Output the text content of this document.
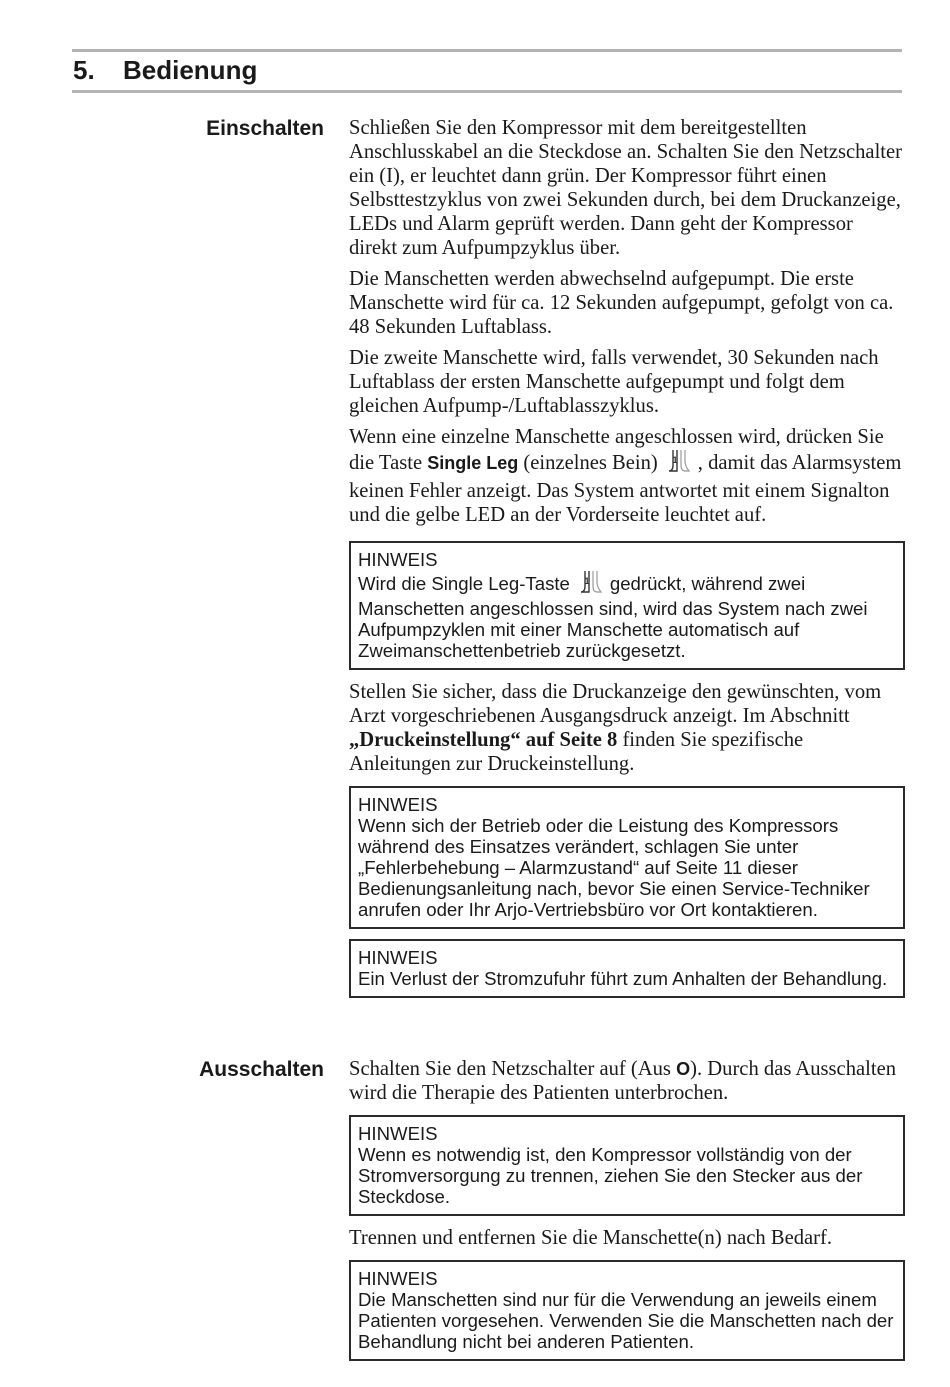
5. Bedienung
Einschalten Schließen Sie den Kompressor mit dem bereitgestellten Anschlusskabel an die Steckdose an. Schalten Sie den Netzschalter ein (I), er leuchtet dann grün. Der Kompressor führt einen Selbsttestzyklus von zwei Sekunden durch, bei dem Druckanzeige, LEDs und Alarm geprüft werden. Dann geht der Kompressor direkt zum Aufpumpzyklus über.

Die Manschetten werden abwechselnd aufgepumpt. Die erste Manschette wird für ca. 12 Sekunden aufgepumpt, gefolgt von ca. 48 Sekunden Luftablass.

Die zweite Manschette wird, falls verwendet, 30 Sekunden nach Luftablass der ersten Manschette aufgepumpt und folgt dem gleichen Aufpump-/Luftablasszyklus.

Wenn eine einzelne Manschette angeschlossen wird, drücken Sie die Taste Single Leg (einzelnes Bein) 1 , damit das Alarmsystem keinen Fehler anzeigt. Das System antwortet mit einem Signalton und die gelbe LED an der Vorderseite leuchtet auf.

HINWEIS
Wird die Single Leg-Taste 1 gedrückt, während zwei Manschetten angeschlossen sind, wird das System nach zwei Aufpumpzyklen mit einer Manschette automatisch auf Zweimanschettenbetrieb zurückgesetzt.

Stellen Sie sicher, dass die Druckanzeige den gewünschten, vom Arzt vorgeschriebenen Ausgangsdruck anzeigt. Im Abschnitt „Druckeinstellung“ auf Seite 8 finden Sie spezifische Anleitungen zur Druckeinstellung.

HINWEIS
Wenn sich der Betrieb oder die Leistung des Kompressors während des Einsatzes verändert, schlagen Sie unter „Fehlerbehebung – Alarmzustand“ auf Seite 11 dieser Bedienungsanleitung nach, bevor Sie einen Service-Techniker anrufen oder Ihr Arjo-Vertriebsbüro vor Ort kontaktieren.
HINWEIS
Ein Verlust der Stromzufuhr führt zum Anhalten der Behandlung.
Ausschalten Schalten Sie den Netzschalter auf (Aus O). Durch das Ausschalten wird die Therapie des Patienten unterbrochen.

HINWEIS
Wenn es notwendig ist, den Kompressor vollständig von der Stromversorgung zu trennen, ziehen Sie den Stecker aus der Steckdose.

Trennen und entfernen Sie die Manschette(n) nach Bedarf.

HINWEIS
Die Manschetten sind nur für die Verwendung an jeweils einem Patienten vorgesehen. Verwenden Sie die Manschetten nach der Behandlung nicht bei anderen Patienten.
